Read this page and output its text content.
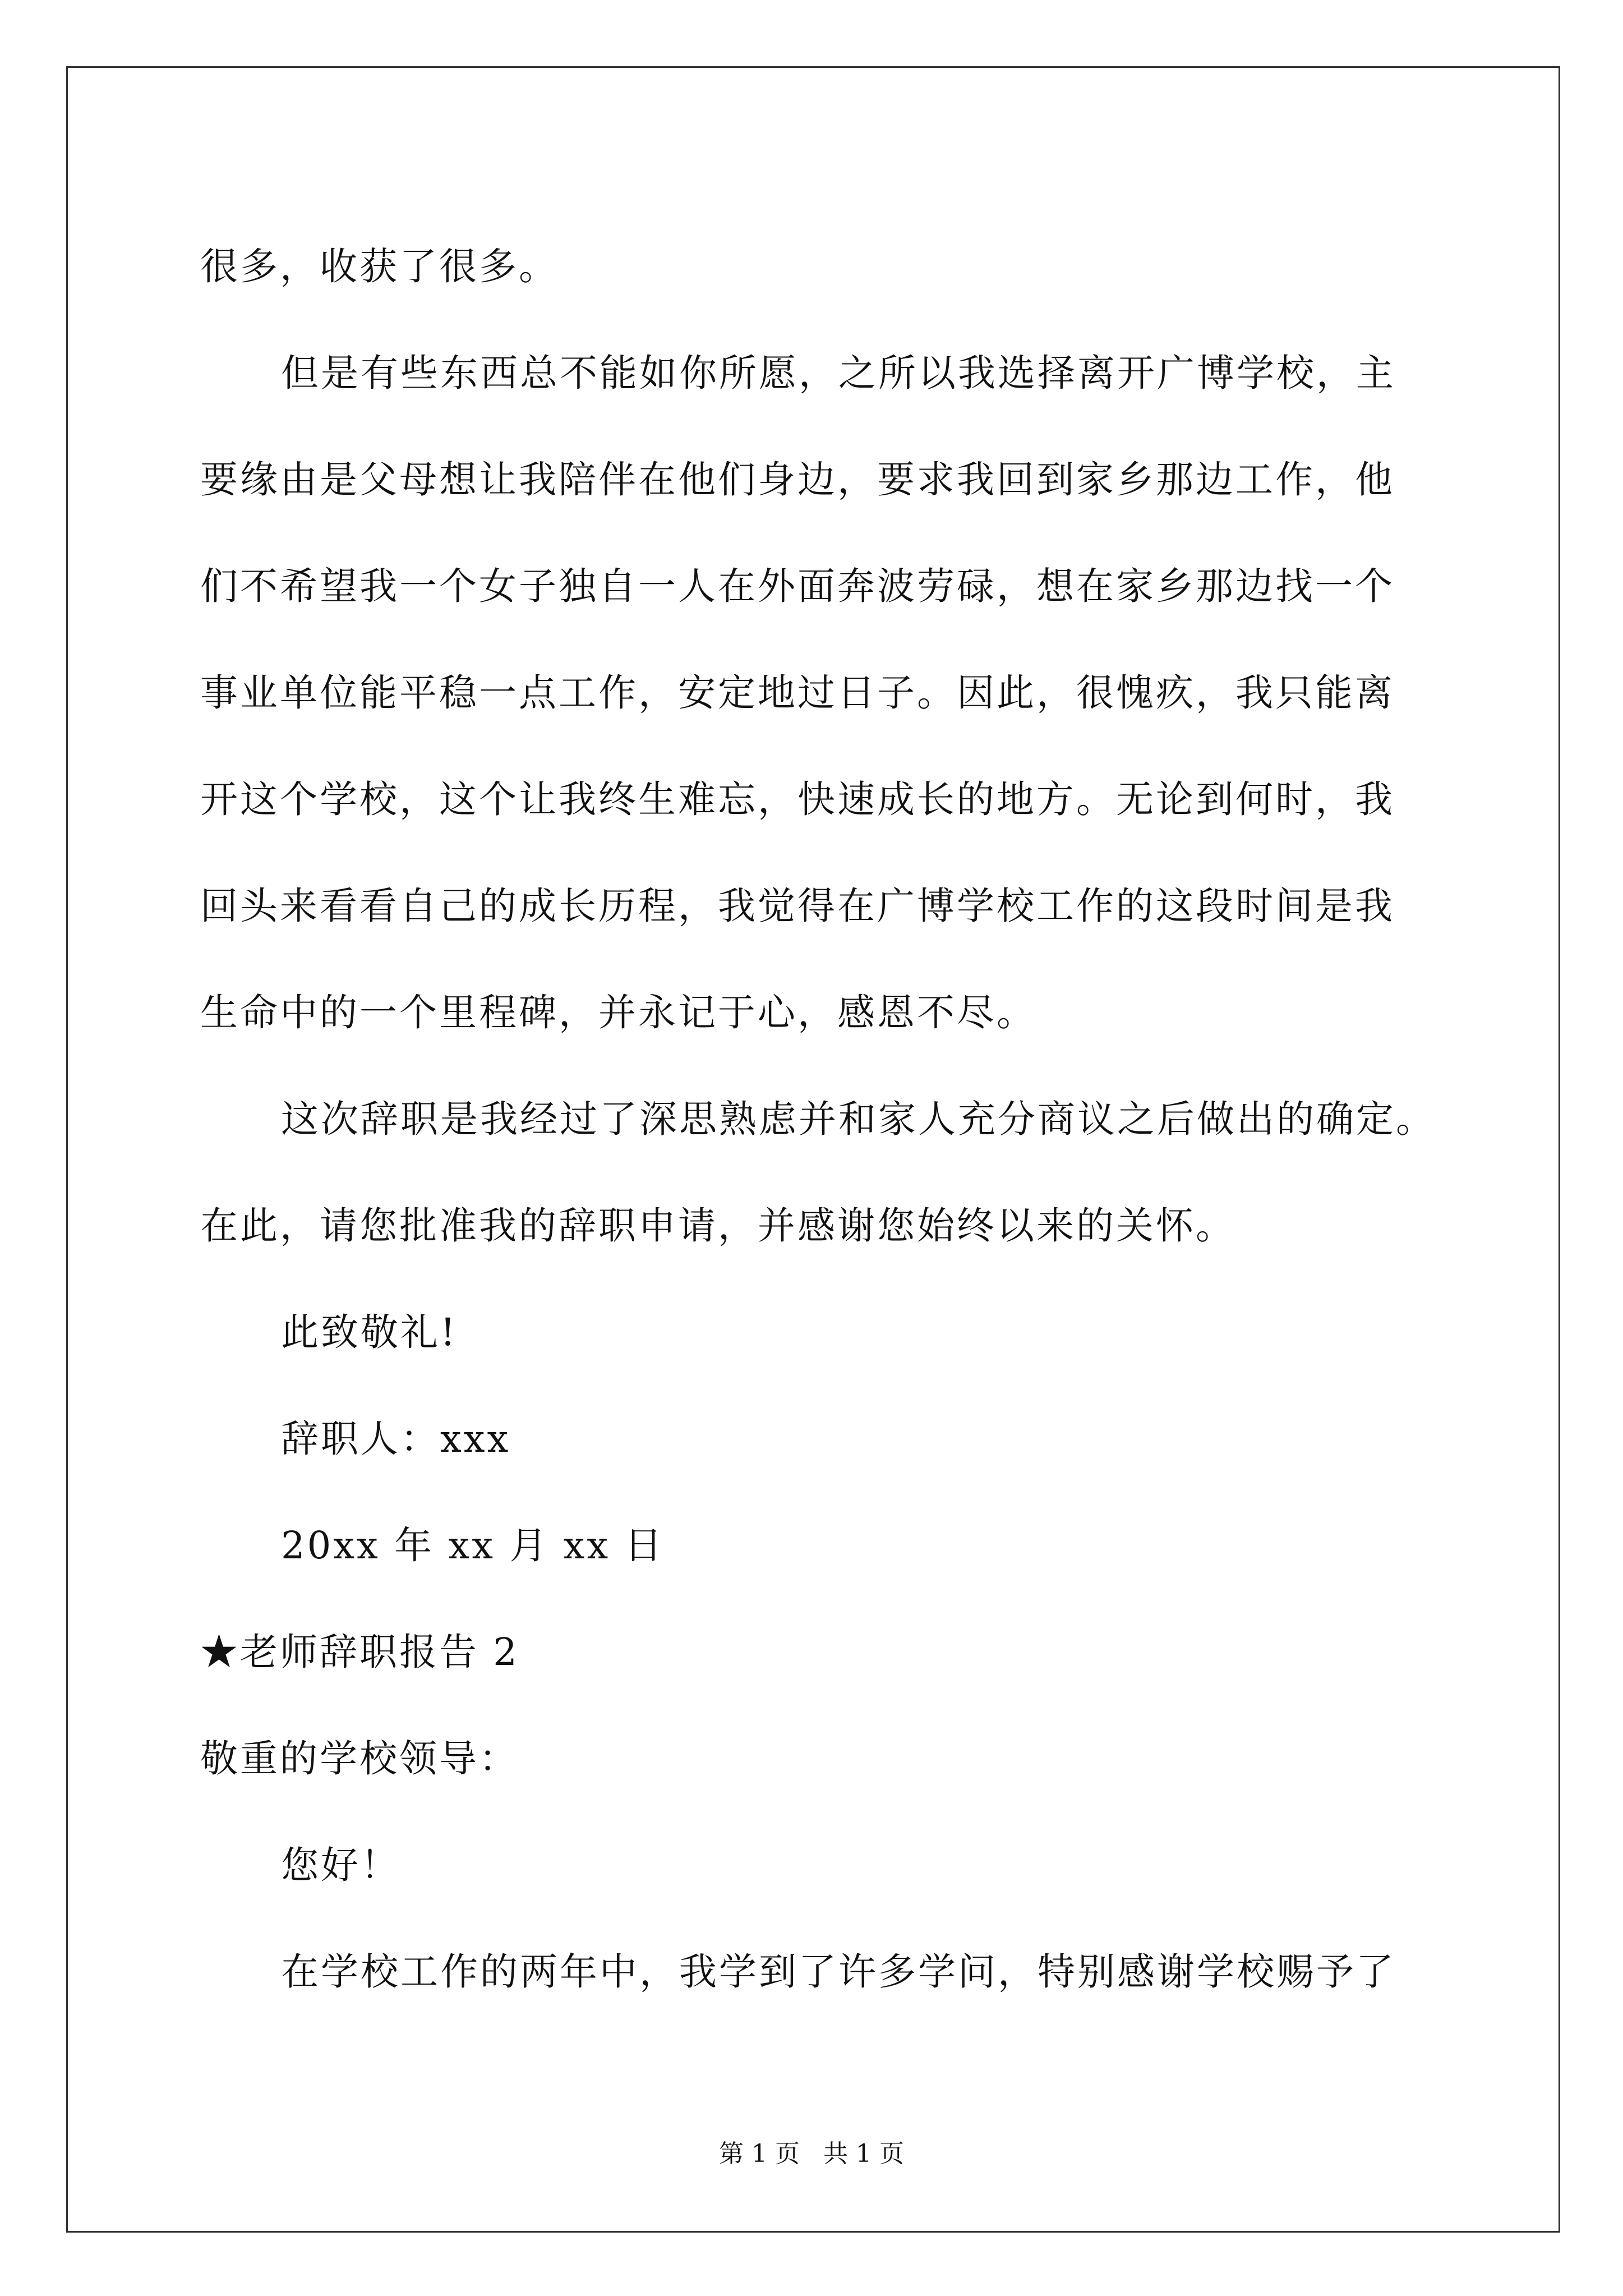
很多，收获了很多。
但是有些东西总不能如你所愿，之所以我选择离开广博学校，主
要缘由是父母想让我陪伴在他们身边，要求我回到家乡那边工作，他
们不希望我一个女子独自一人在外面奔波劳碌，想在家乡那边找一个
事业单位能平稳一点工作，安定地过日子。因此，很愧疚，我只能离
开这个学校，这个让我终生难忘，快速成长的地方。无论到何时，我
回头来看看自己的成长历程，我觉得在广博学校工作的这段时间是我
生命中的一个里程碑，并永记于心，感恩不尽。
这次辞职是我经过了深思熟虑并和家人充分商议之后做出的确定。
在此，请您批准我的辞职申请，并感谢您始终以来的关怀。
此致敬礼!
辞职人：xxx
20xx 年 xx 月 xx 日
★老师辞职报告 2
敬重的学校领导：
您好！
在学校工作的两年中，我学到了许多学问，特别感谢学校赐予了
第 1 页   共 1 页
